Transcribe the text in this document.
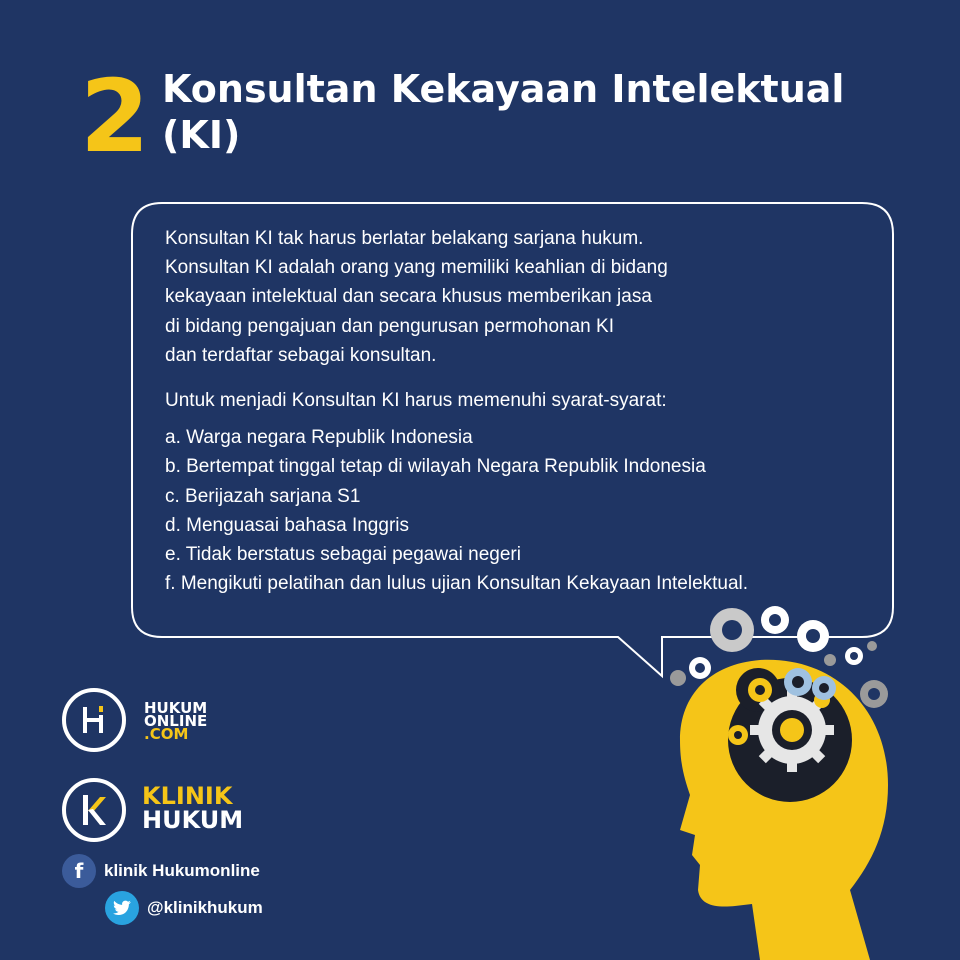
2 Konsultan Kekayaan Intelektual
(KI)
Konsultan KI tak harus berlatar belakang sarjana hukum.
Konsultan KI adalah orang yang memiliki keahlian di bidang
kekayaan intelektual dan secara khusus memberikan jasa
di bidang pengajuan dan pengurusan permohonan KI
dan terdaftar sebagai konsultan.
Untuk menjadi Konsultan KI harus memenuhi syarat-syarat:
a. Warga negara Republik Indonesia
b. Bertempat tinggal tetap di wilayah Negara Republik Indonesia
c. Berijazah sarjana S1
d. Menguasai bahasa Inggris
e. Tidak berstatus sebagai pegawai negeri
f. Mengikuti pelatihan dan lulus ujian Konsultan Kekayaan Intelektual.
HUKUM
ONLINE
.COM
KLINIK
HUKUM
f	klinik Hukumonline
@klinikhukum
